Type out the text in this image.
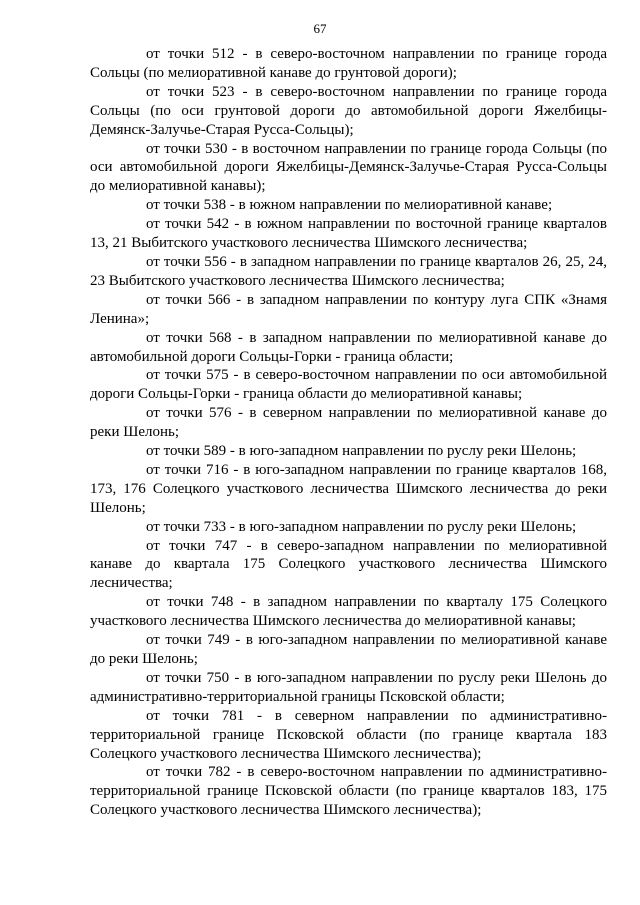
67

от точки 512 - в северо-восточном направлении по границе города Сольцы (по мелиоративной канаве до грунтовой дороги);

от точки 523 - в северо-восточном направлении по границе города Сольцы (по оси грунтовой дороги до автомобильной дороги Яжелбицы-Демянск-Залучье-Старая Русса-Сольцы);

от точки 530 - в восточном направлении по границе города Сольцы (по оси автомобильной дороги Яжелбицы-Демянск-Залучье-Старая Русса-Сольцы до мелиоративной канавы);

от точки 538 - в южном направлении по мелиоративной канаве;

от точки 542 - в южном направлении по восточной границе кварталов 13, 21 Выбитского участкового лесничества Шимского лесничества;

от точки 556 - в западном направлении по границе кварталов 26, 25, 24, 23 Выбитского участкового лесничества Шимского лесничества;

от точки 566 - в западном направлении по контуру луга СПК «Знамя Ленина»;

от точки 568 - в западном направлении по мелиоративной канаве до автомобильной дороги Сольцы-Горки - граница области;

от точки 575 - в северо-восточном направлении по оси автомобильной дороги Сольцы-Горки - граница области до мелиоративной канавы;

от точки 576 - в северном направлении по мелиоративной канаве до реки Шелонь;

от точки 589 - в юго-западном направлении по руслу реки Шелонь;

от точки 716 - в юго-западном направлении по границе кварталов 168, 173, 176 Солецкого участкового лесничества Шимского лесничества до реки Шелонь;

от точки 733 - в юго-западном направлении по руслу реки Шелонь;

от точки 747 - в северо-западном направлении по мелиоративной канаве до квартала 175 Солецкого участкового лесничества Шимского лесничества;

от точки 748 - в западном направлении по кварталу 175 Солецкого участкового лесничества Шимского лесничества до мелиоративной канавы;

от точки 749 - в юго-западном направлении по мелиоративной канаве до реки Шелонь;

от точки 750 - в юго-западном направлении по руслу реки Шелонь до административно-территориальной границы Псковской области;

от точки 781 - в северном направлении по административно-территориальной границе Псковской области (по границе квартала 183 Солецкого участкового лесничества Шимского лесничества);

от точки 782 - в северо-восточном направлении по административно-территориальной границе Псковской области (по границе кварталов 183, 175 Солецкого участкового лесничества Шимского лесничества);
